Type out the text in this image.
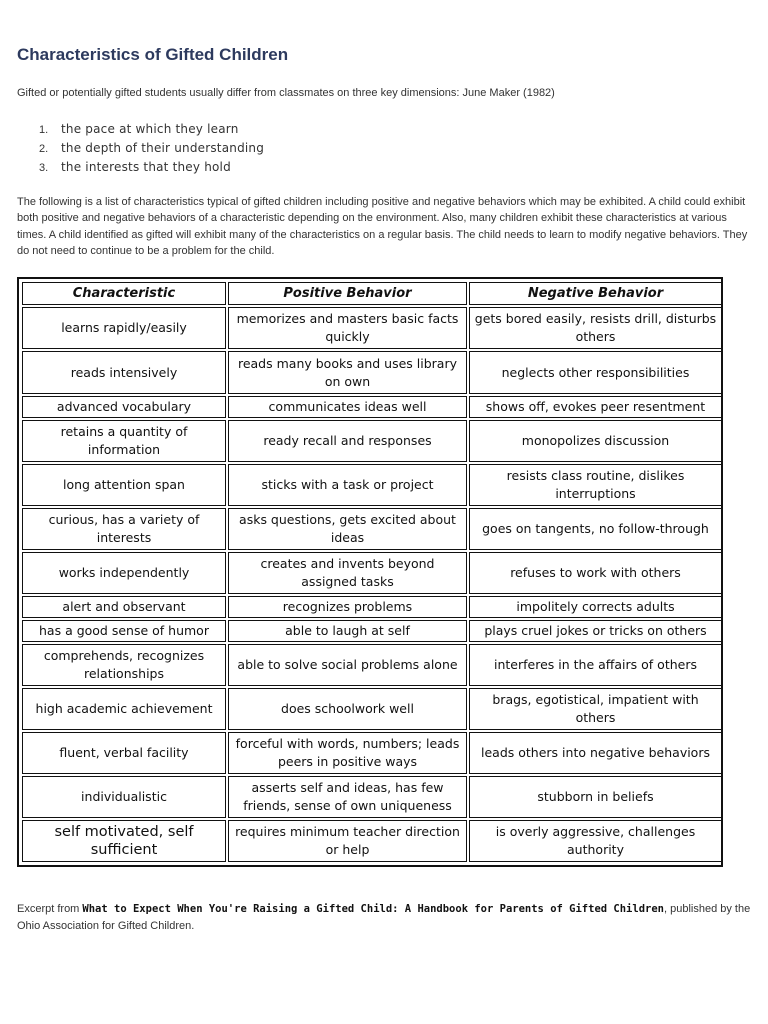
Characteristics of Gifted Children

Gifted or potentially gifted students usually differ from classmates on three key dimensions: June Maker (1982)

1. the pace at which they learn
2. the depth of their understanding
3. the interests that they hold

The following is a list of characteristics typical of gifted children including positive and negative behaviors which may be exhibited. A child could exhibit both positive and negative behaviors of a characteristic depending on the environment. Also, many children exhibit these characteristics at various times. A child identified as gifted will exhibit many of the characteristics on a regular basis. The child needs to learn to modify negative behaviors. They do not need to continue to be a problem for the child.

Characteristic	Positive Behavior	Negative Behavior
learns rapidly/easily	memorizes and masters basic facts quickly	gets bored easily, resists drill, disturbs others
reads intensively	reads many books and uses library on own	neglects other responsibilities
advanced vocabulary	communicates ideas well	shows off, evokes peer resentment
retains a quantity of information	ready recall and responses	monopolizes discussion
long attention span	sticks with a task or project	resists class routine, dislikes interruptions
curious, has a variety of interests	asks questions, gets excited about ideas	goes on tangents, no follow-through
works independently	creates and invents beyond assigned tasks	refuses to work with others
alert and observant	recognizes problems	impolitely corrects adults
has a good sense of humor	able to laugh at self	plays cruel jokes or tricks on others
comprehends, recognizes relationships	able to solve social problems alone	interferes in the affairs of others
high academic achievement	does schoolwork well	brags, egotistical, impatient with others
fluent, verbal facility	forceful with words, numbers; leads peers in positive ways	leads others into negative behaviors
individualistic	asserts self and ideas, has few friends, sense of own uniqueness	stubborn in beliefs
self motivated, self sufficient	requires minimum teacher direction or help	is overly aggressive, challenges authority

Excerpt from What to Expect When You're Raising a Gifted Child: A Handbook for Parents of Gifted Children, published by the Ohio Association for Gifted Children.
